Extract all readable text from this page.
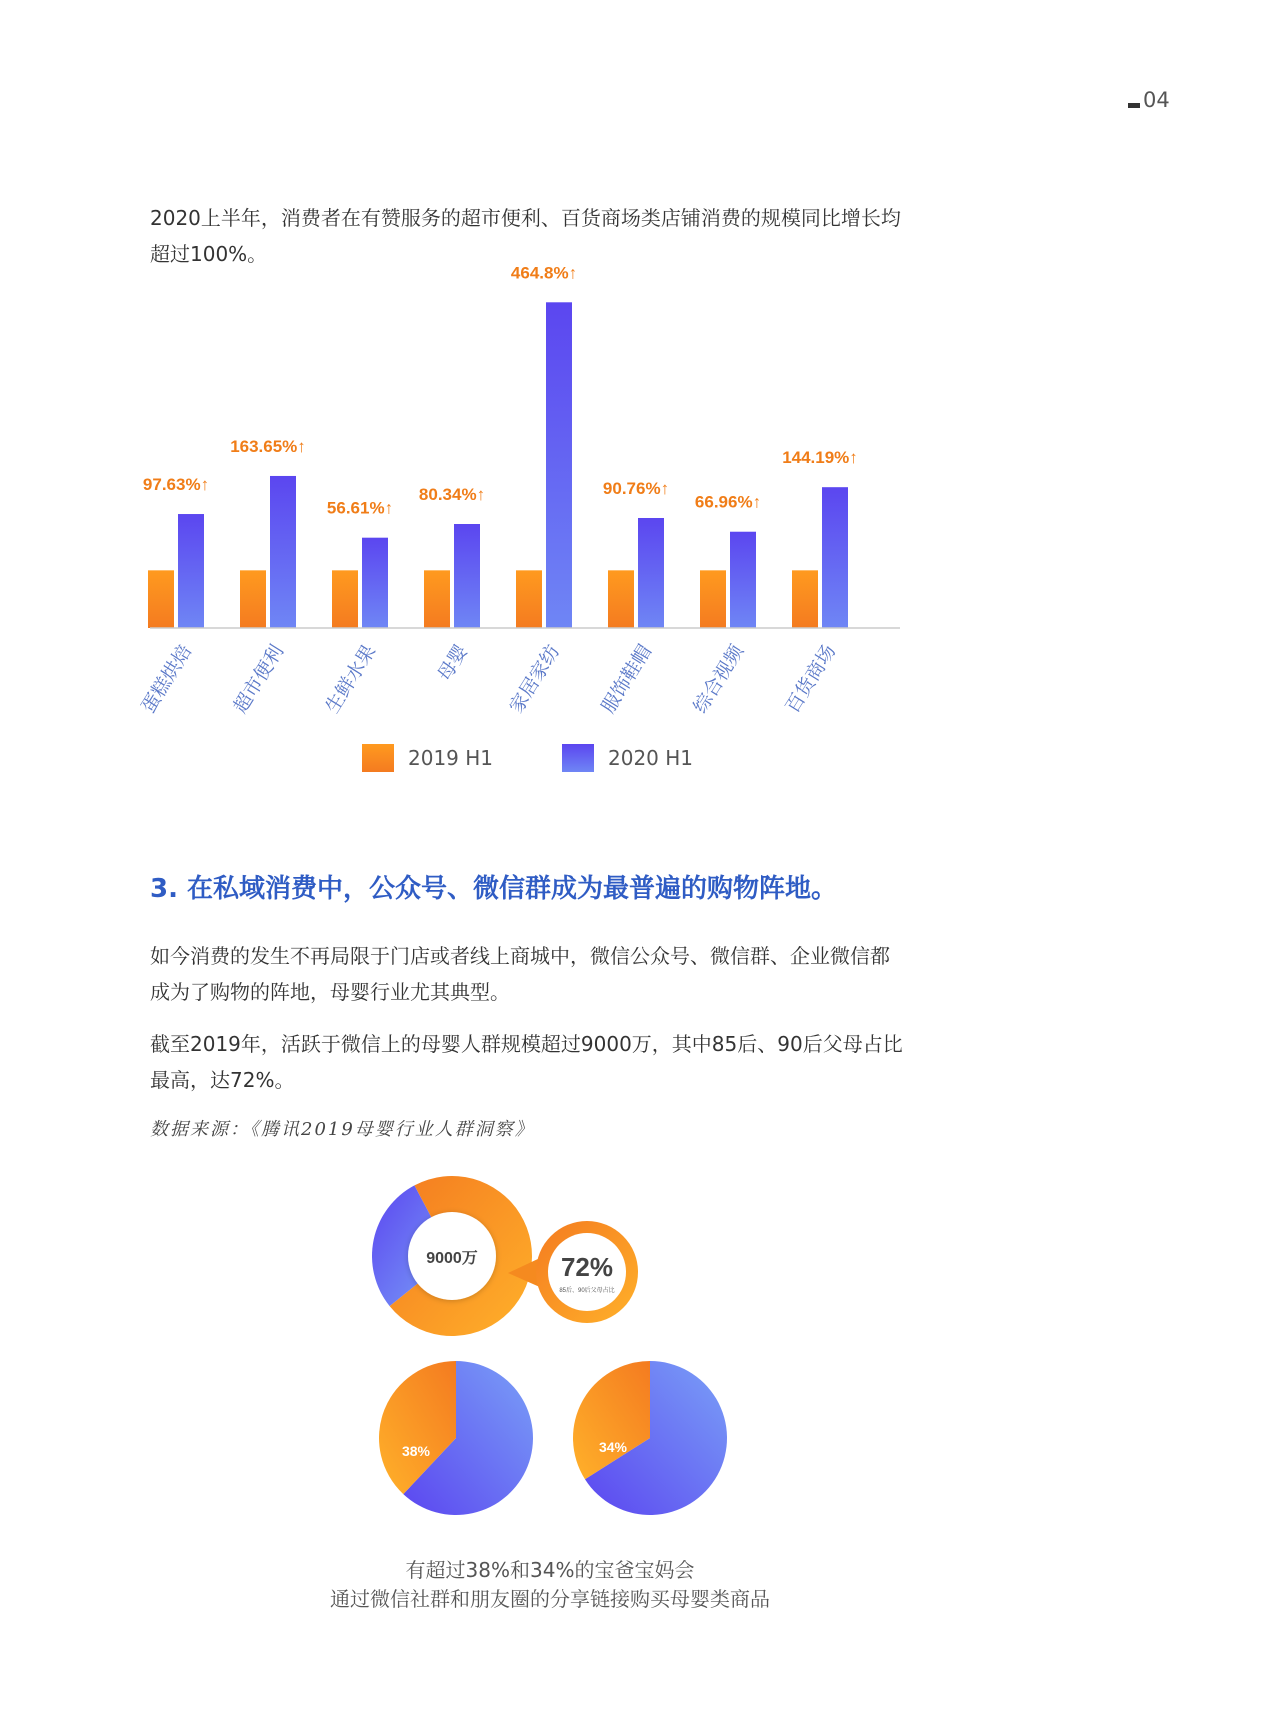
04

2020上半年，消费者在有赞服务的超市便利、百货商场类店铺消费的规模同比增长均
超过100%。

97.63%↑
蛋糕烘焙
163.65%↑
超市便利
56.61%↑
生鲜水果
80.34%↑
母婴
464.8%↑
家居家纺
90.76%↑
服饰鞋帽
66.96%↑
综合视频
144.19%↑
百货商场
2019 H1	2020 H1
3. 在私域消费中，公众号、微信群成为最普遍的购物阵地。

如今消费的发生不再局限于门店或者线上商城中，微信公众号、微信群、企业微信都
成为了购物的阵地，母婴行业尤其典型。

截至2019年，活跃于微信上的母婴人群规模超过9000万，其中85后、90后父母占比
最高，达72%。

数据来源：《腾讯2019母婴行业人群洞察》
9000万	72%
85后、90后父母占比
38%	34%
有超过38%和34%的宝爸宝妈会
通过微信社群和朋友圈的分享链接购买母婴类商品
